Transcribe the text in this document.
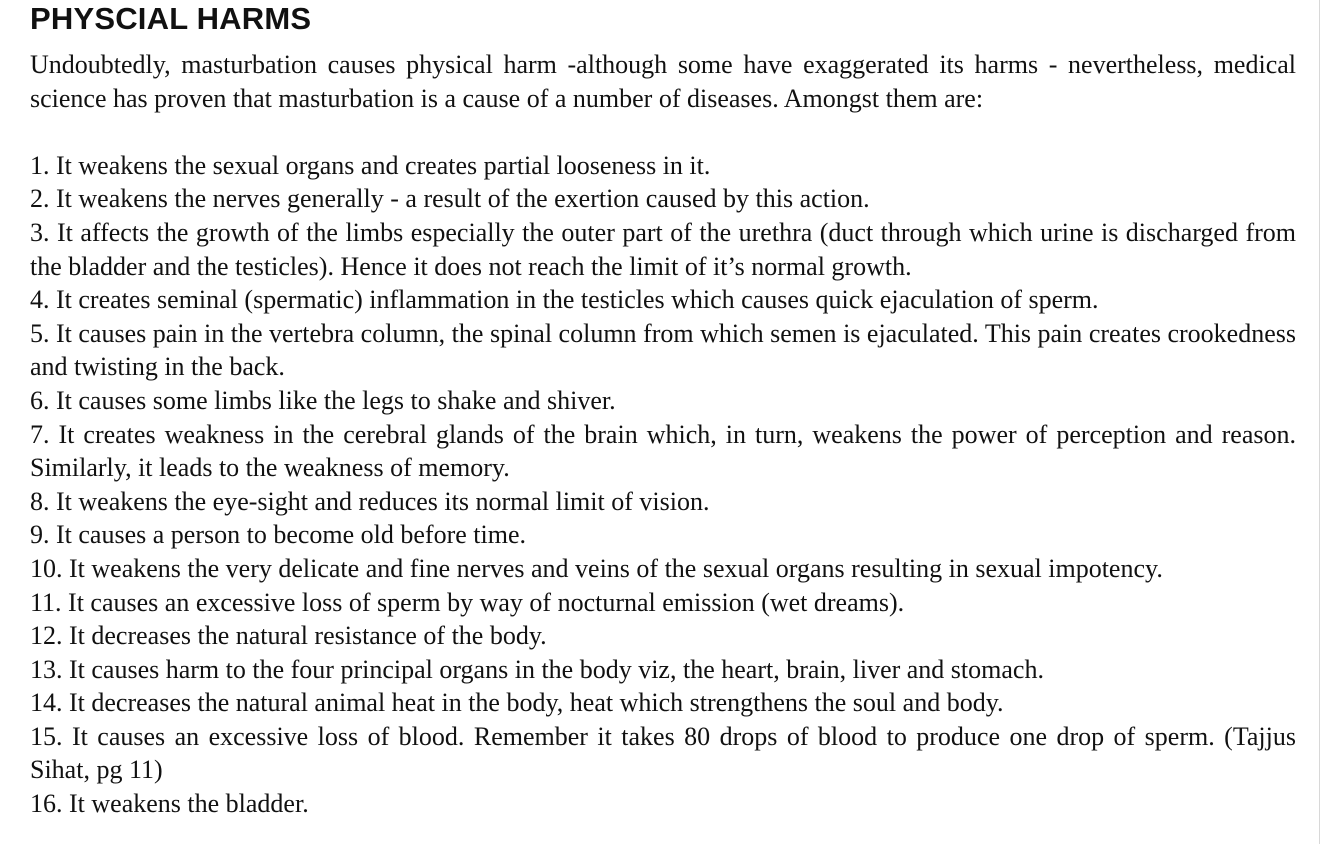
PHYSCIAL HARMS

Undoubtedly, masturbation causes physical harm -although some have exaggerated its harms - nevertheless, medical science has proven that masturbation is a cause of a number of diseases. Amongst them are:

1. It weakens the sexual organs and creates partial looseness in it.

2. It weakens the nerves generally - a result of the exertion caused by this action.

3. It affects the growth of the limbs especially the outer part of the urethra (duct through which urine is discharged from the bladder and the testicles). Hence it does not reach the limit of it’s normal growth.

4. It creates seminal (spermatic) inflammation in the testicles which causes quick ejaculation of sperm.

5. It causes pain in the vertebra column, the spinal column from which semen is ejaculated. This pain creates crookedness and twisting in the back.

6. It causes some limbs like the legs to shake and shiver.

7. It creates weakness in the cerebral glands of the brain which, in turn, weakens the power of perception and reason. Similarly, it leads to the weakness of memory.

8. It weakens the eye-sight and reduces its normal limit of vision.

9. It causes a person to become old before time.

10. It weakens the very delicate and fine nerves and veins of the sexual organs resulting in sexual impotency.

11. It causes an excessive loss of sperm by way of nocturnal emission (wet dreams).

12. It decreases the natural resistance of the body.

13. It causes harm to the four principal organs in the body viz, the heart, brain, liver and stomach.

14. It decreases the natural animal heat in the body, heat which strengthens the soul and body.

15. It causes an excessive loss of blood. Remember it takes 80 drops of blood to produce one drop of sperm. (Tajjus Sihat, pg 11)

16. It weakens the bladder.
